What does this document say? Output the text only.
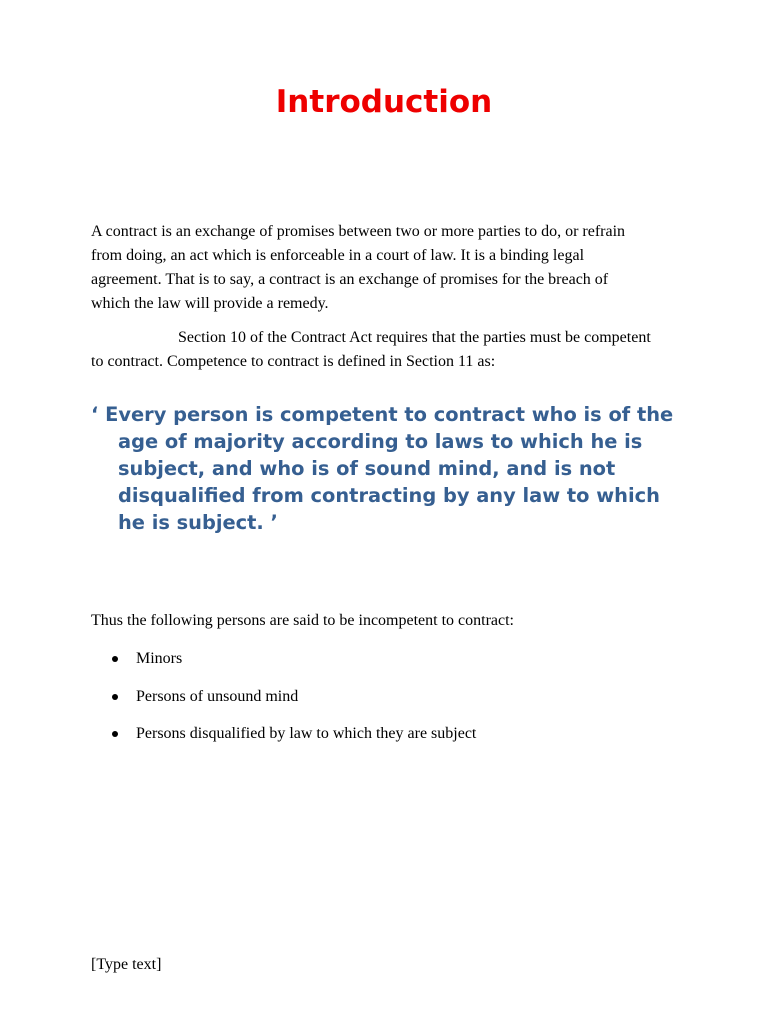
Introduction

A contract is an exchange of promises between two or more parties to do, or refrain from doing, an act which is enforceable in a court of law. It is a binding legal agreement. That is to say, a contract is an exchange of promises for the breach of which the law will provide a remedy.

Section 10 of the Contract Act requires that the parties must be competent to contract. Competence to contract is defined in Section 11 as:

‘ Every person is competent to contract who is of the age of majority according to laws to which he is subject, and who is of sound mind, and is not disqualified from contracting by any law to which he is subject. ’

Thus the following persons are said to be incompetent to contract:

Minors
Persons of unsound mind
Persons disqualified by law to which they are subject

[Type text]
